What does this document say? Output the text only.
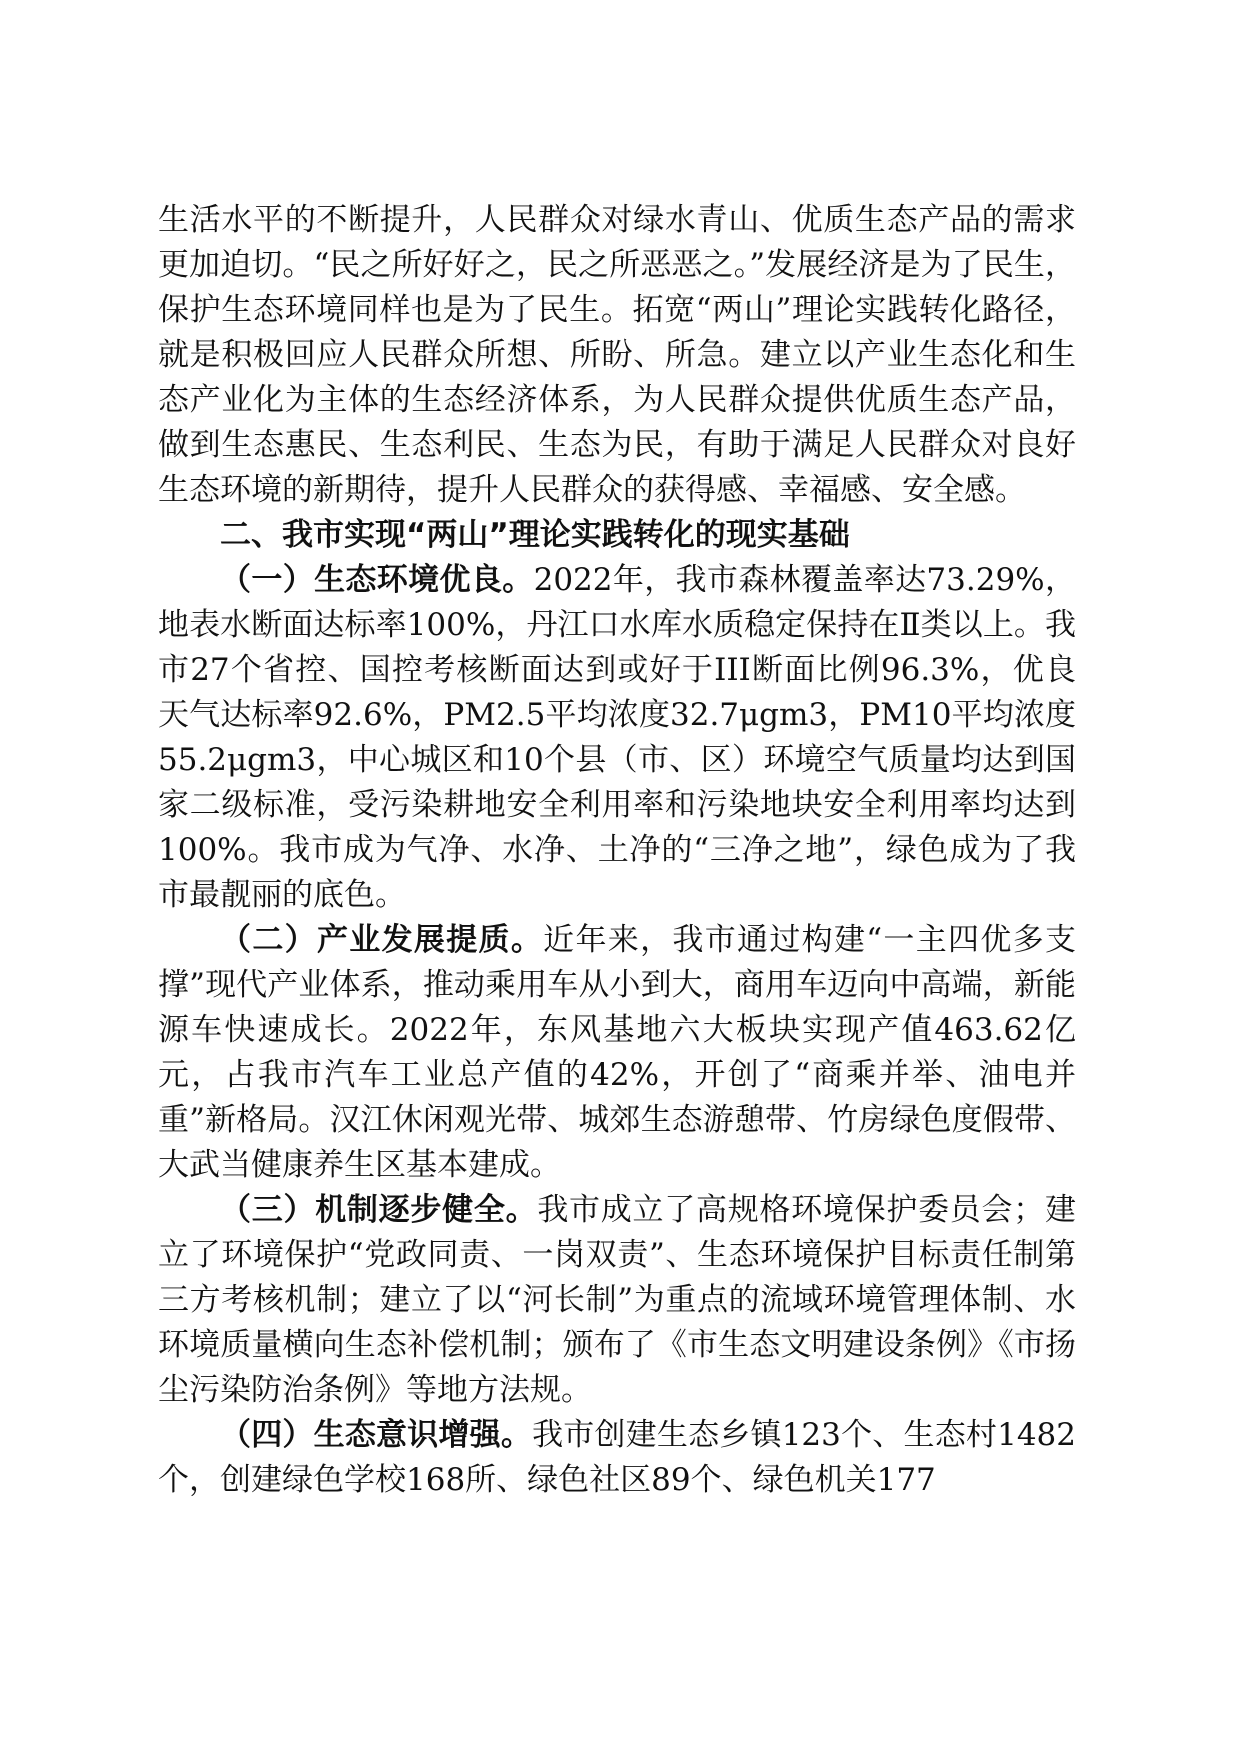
生活水平的不断提升，人民群众对绿水青山、优质生态产品的需求更加迫切。“民之所好好之，民之所恶恶之。”发展经济是为了民生，保护生态环境同样也是为了民生。拓宽“两山”理论实践转化路径，就是积极回应人民群众所想、所盼、所急。建立以产业生态化和生态产业化为主体的生态经济体系，为人民群众提供优质生态产品，做到生态惠民、生态利民、生态为民，有助于满足人民群众对良好生态环境的新期待，提升人民群众的获得感、幸福感、安全感。

二、我市实现“两山”理论实践转化的现实基础

（一）生态环境优良。2022年，我市森林覆盖率达73.29%，地表水断面达标率100%，丹江口水库水质稳定保持在Ⅱ类以上。我市27个省控、国控考核断面达到或好于III断面比例96.3%，优良天气达标率92.6%，PM2.5平均浓度32.7μgm3，PM10平均浓度55.2μgm3，中心城区和10个县（市、区）环境空气质量均达到国家二级标准，受污染耕地安全利用率和污染地块安全利用率均达到100%。我市成为气净、水净、土净的“三净之地”，绿色成为了我市最靓丽的底色。

（二）产业发展提质。近年来，我市通过构建“一主四优多支撑”现代产业体系，推动乘用车从小到大，商用车迈向中高端，新能源车快速成长。2022年，东风基地六大板块实现产值463.62亿元，占我市汽车工业总产值的42%，开创了“商乘并举、油电并重”新格局。汉江休闲观光带、城郊生态游憩带、竹房绿色度假带、大武当健康养生区基本建成。

（三）机制逐步健全。我市成立了高规格环境保护委员会；建立了环境保护“党政同责、一岗双责”、生态环境保护目标责任制第三方考核机制；建立了以“河长制”为重点的流域环境管理体制、水环境质量横向生态补偿机制；颁布了《市生态文明建设条例》《市扬尘污染防治条例》等地方法规。

（四）生态意识增强。我市创建生态乡镇123个、生态村1482个，创建绿色学校168所、绿色社区89个、绿色机关177
